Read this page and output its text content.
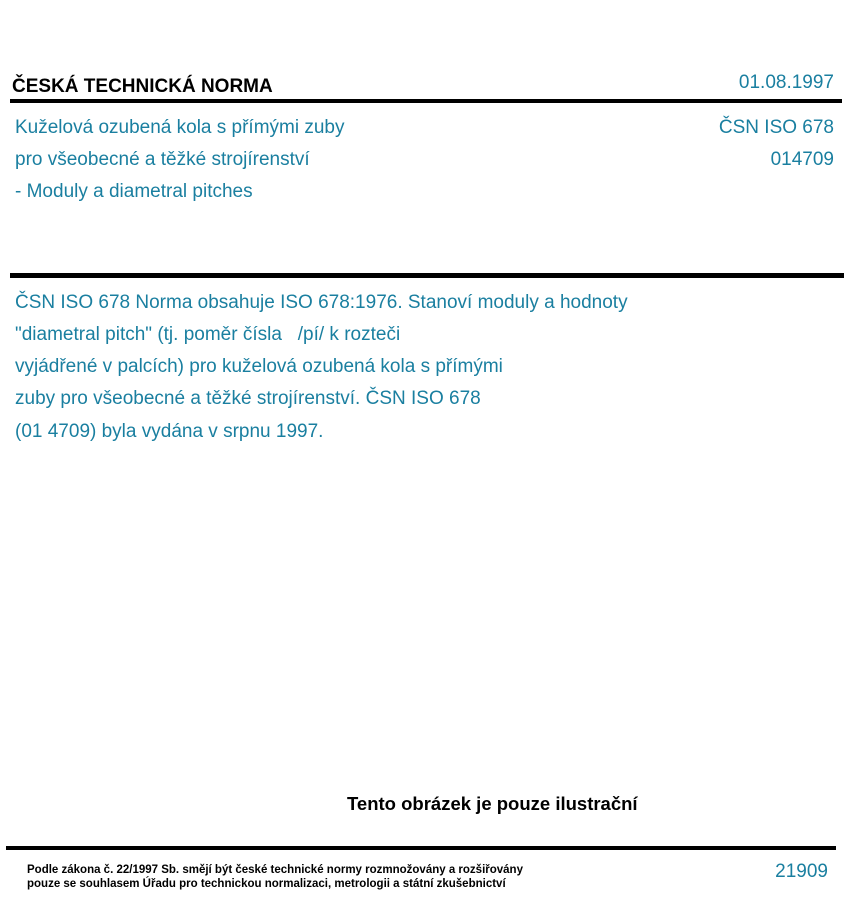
ČESKÁ TECHNICKÁ NORMA	01.08.1997
Kuželová ozubená kola s přímými zuby
pro všeobecné a těžké strojírenství
- Moduly a diametral pitches
ČSN ISO 678
014709
ČSN ISO 678 Norma obsahuje ISO 678:1976. Stanoví moduly a hodnoty
"diametral pitch" (tj. poměr čísla   /pí/ k rozteči
vyjádřené v palcích) pro kuželová ozubená kola s přímými
zuby pro všeobecné a těžké strojírenství. ČSN ISO 678
(01 4709) byla vydána v srpnu 1997.
Tento obrázek je pouze ilustrační
Podle zákona č. 22/1997 Sb. smějí být české technické normy rozmnožovány a rozšiřovány
pouze se souhlasem Úřadu pro technickou normalizaci, metrologii a státní zkušebnictví
21909
